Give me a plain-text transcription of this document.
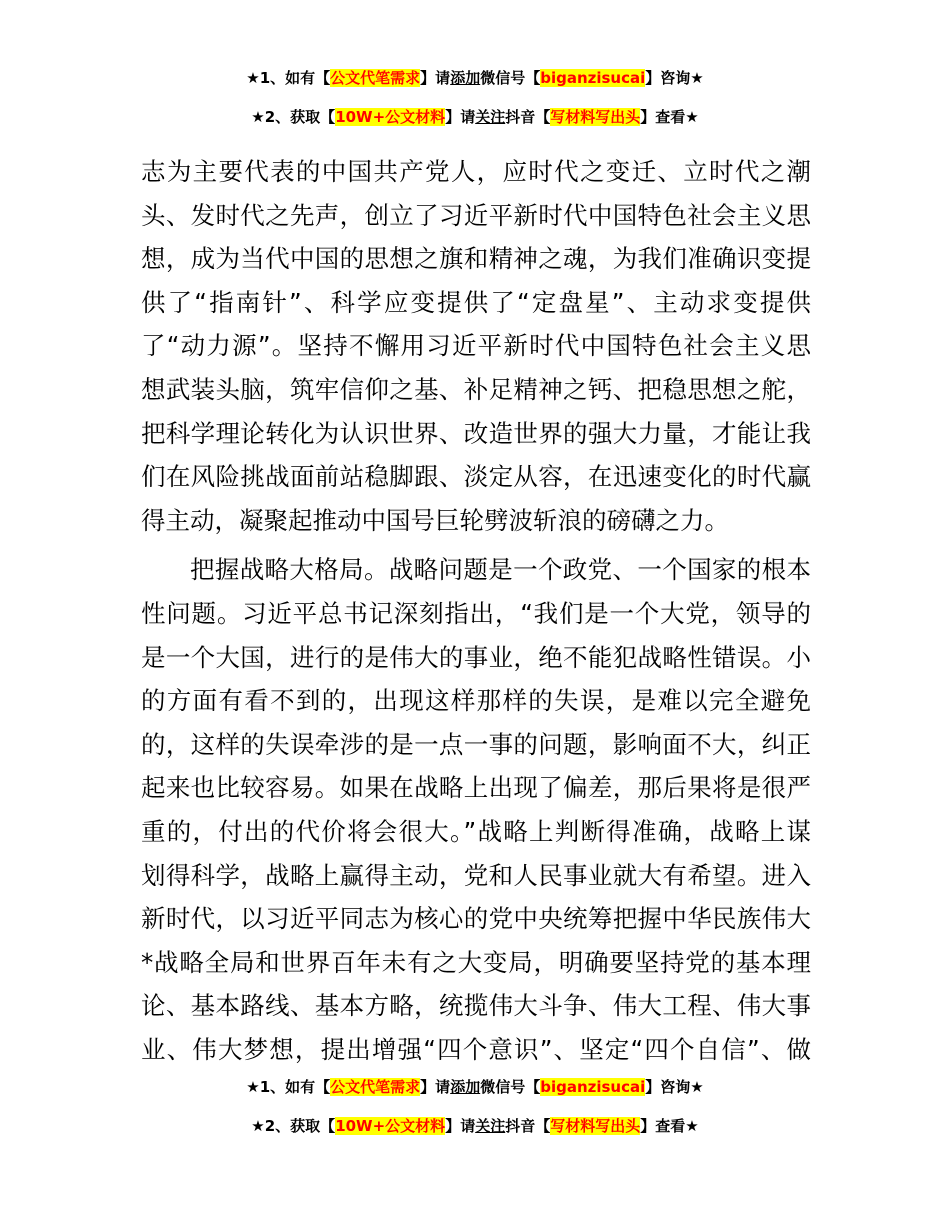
★1、如有【公文代笔需求】请添加微信号【biganzisucai】咨询★
★2、获取【10W+公文材料】请关注抖音【写材料写出头】查看★

志为主要代表的中国共产党人，应时代之变迁、立时代之潮

头、发时代之先声，创立了习近平新时代中国特色社会主义思

想，成为当代中国的思想之旗和精神之魂，为我们准确识变提

供了“指南针”、科学应变提供了“定盘星”、主动求变提供

了“动力源”。坚持不懈用习近平新时代中国特色社会主义思

想武装头脑，筑牢信仰之基、补足精神之钙、把稳思想之舵，

把科学理论转化为认识世界、改造世界的强大力量，才能让我

们在风险挑战面前站稳脚跟、淡定从容，在迅速变化的时代赢

得主动，凝聚起推动中国号巨轮劈波斩浪的磅礴之力。

把握战略大格局。战略问题是一个政党、一个国家的根本

性问题。习近平总书记深刻指出，“我们是一个大党，领导的

是一个大国，进行的是伟大的事业，绝不能犯战略性错误。小

的方面有看不到的，出现这样那样的失误，是难以完全避免

的，这样的失误牵涉的是一点一事的问题，影响面不大，纠正

起来也比较容易。如果在战略上出现了偏差，那后果将是很严

重的，付出的代价将会很大。”战略上判断得准确，战略上谋

划得科学，战略上赢得主动，党和人民事业就大有希望。进入

新时代，以习近平同志为核心的党中央统筹把握中华民族伟大

*战略全局和世界百年未有之大变局，明确要坚持党的基本理

论、基本路线、基本方略，统揽伟大斗争、伟大工程、伟大事

业、伟大梦想，提出增强“四个意识”、坚定“四个自信”、做

★1、如有【公文代笔需求】请添加微信号【biganzisucai】咨询★
★2、获取【10W+公文材料】请关注抖音【写材料写出头】查看★
